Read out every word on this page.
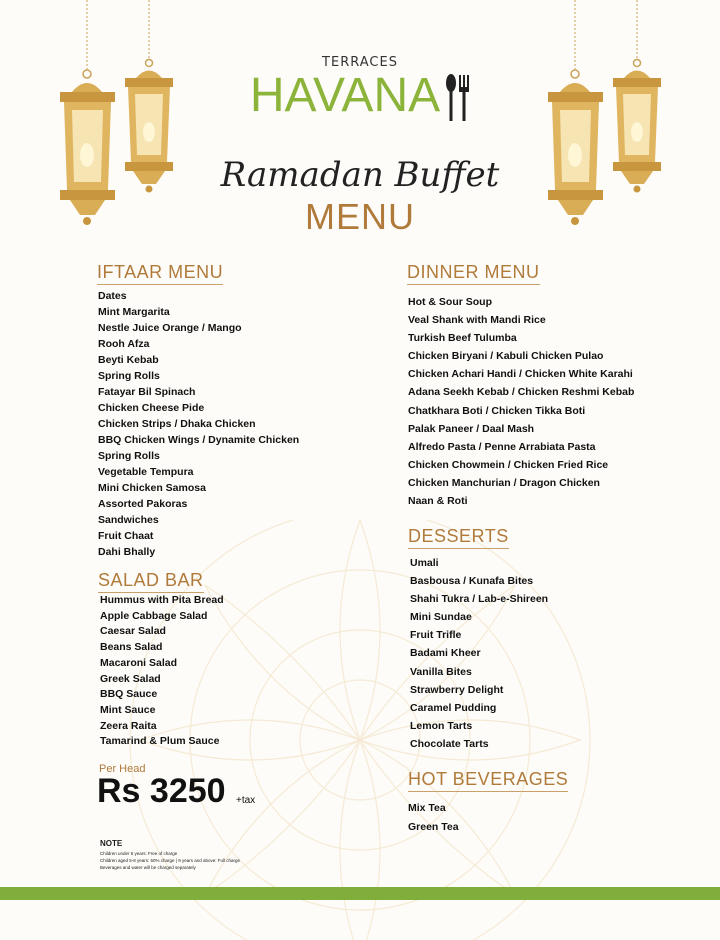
TERRACES
HAVANA
Ramadan Buffet
MENU
IFTAAR MENU
Dates
Mint Margarita
Nestle Juice Orange / Mango
Rooh Afza
Beyti Kebab
Spring Rolls
Fatayar Bil Spinach
Chicken Cheese Pide
Chicken Strips / Dhaka Chicken
BBQ Chicken Wings / Dynamite Chicken
Spring Rolls
Vegetable Tempura
Mini Chicken Samosa
Assorted Pakoras
Sandwiches
Fruit Chaat
Dahi Bhally
SALAD BAR
Hummus with Pita Bread
Apple Cabbage Salad
Caesar Salad
Beans Salad
Macaroni Salad
Greek Salad
BBQ Sauce
Mint Sauce
Zeera Raita
Tamarind & Plum Sauce
DINNER MENU
Hot & Sour Soup
Veal Shank with Mandi Rice
Turkish Beef Tulumba
Chicken Biryani / Kabuli Chicken Pulao
Chicken Achari Handi / Chicken White Karahi
Adana Seekh Kebab / Chicken Reshmi Kebab
Chatkhara Boti / Chicken Tikka Boti
Palak Paneer / Daal Mash
Alfredo Pasta / Penne Arrabiata Pasta
Chicken Chowmein / Chicken Fried Rice
Chicken Manchurian / Dragon Chicken
Naan & Roti
DESSERTS
Umali
Basbousa / Kunafa Bites
Shahi Tukra / Lab-e-Shireen
Mini Sundae
Fruit Trifle
Badami Kheer
Vanilla Bites
Strawberry Delight
Caramel Pudding
Lemon Tarts
Chocolate Tarts
HOT BEVERAGES
Mix Tea
Green Tea
Per Head
Rs 3250 +tax
NOTE
Children under 5 years: Free of charge
Children aged 5-8 years: 50% charge | 9 years and above: Full charge
Beverages and water will be charged separately
